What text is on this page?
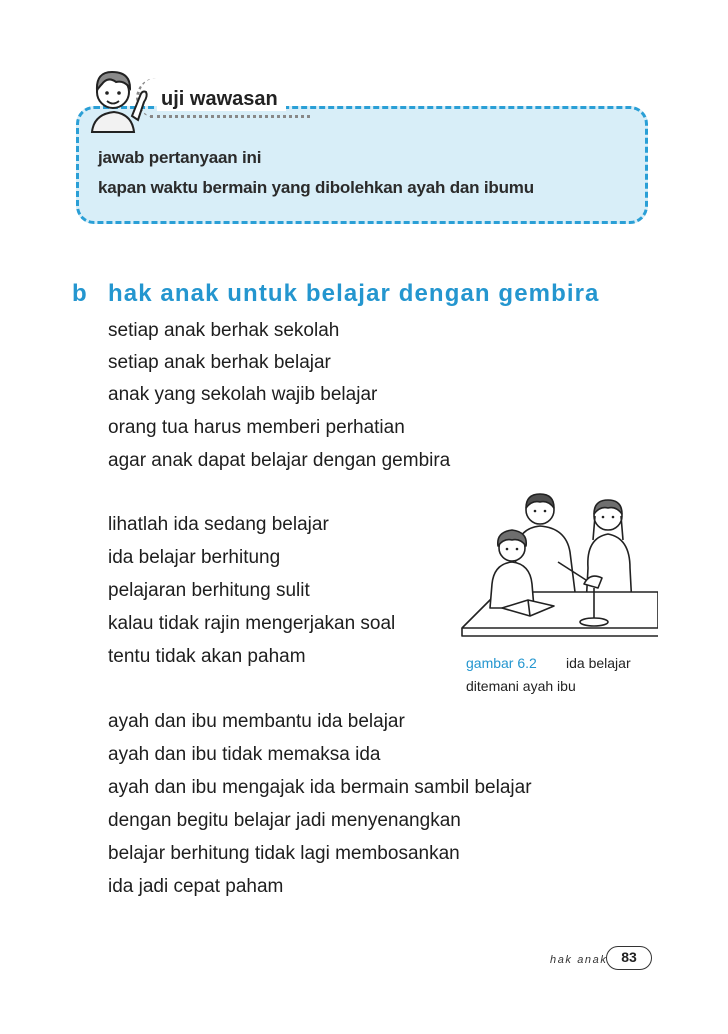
uji wawasan
jawab pertanyaan ini
kapan waktu bermain yang dibolehkan ayah dan ibumu
b hak anak untuk belajar dengan gembira
setiap anak berhak sekolah
setiap anak berhak belajar
anak yang sekolah wajib belajar
orang tua harus memberi perhatian
agar anak dapat belajar dengan gembira
lihatlah ida sedang belajar
ida belajar berhitung
pelajaran berhitung sulit
kalau tidak rajin mengerjakan soal
tentu tidak akan paham	gambar 6.2 ida belajar
ditemani ayah ibu
ayah dan ibu membantu ida belajar
ayah dan ibu tidak memaksa ida
ayah dan ibu mengajak ida bermain sambil belajar
dengan begitu belajar jadi menyenangkan
belajar berhitung tidak lagi membosankan
ida jadi cepat paham
hak anak 83
